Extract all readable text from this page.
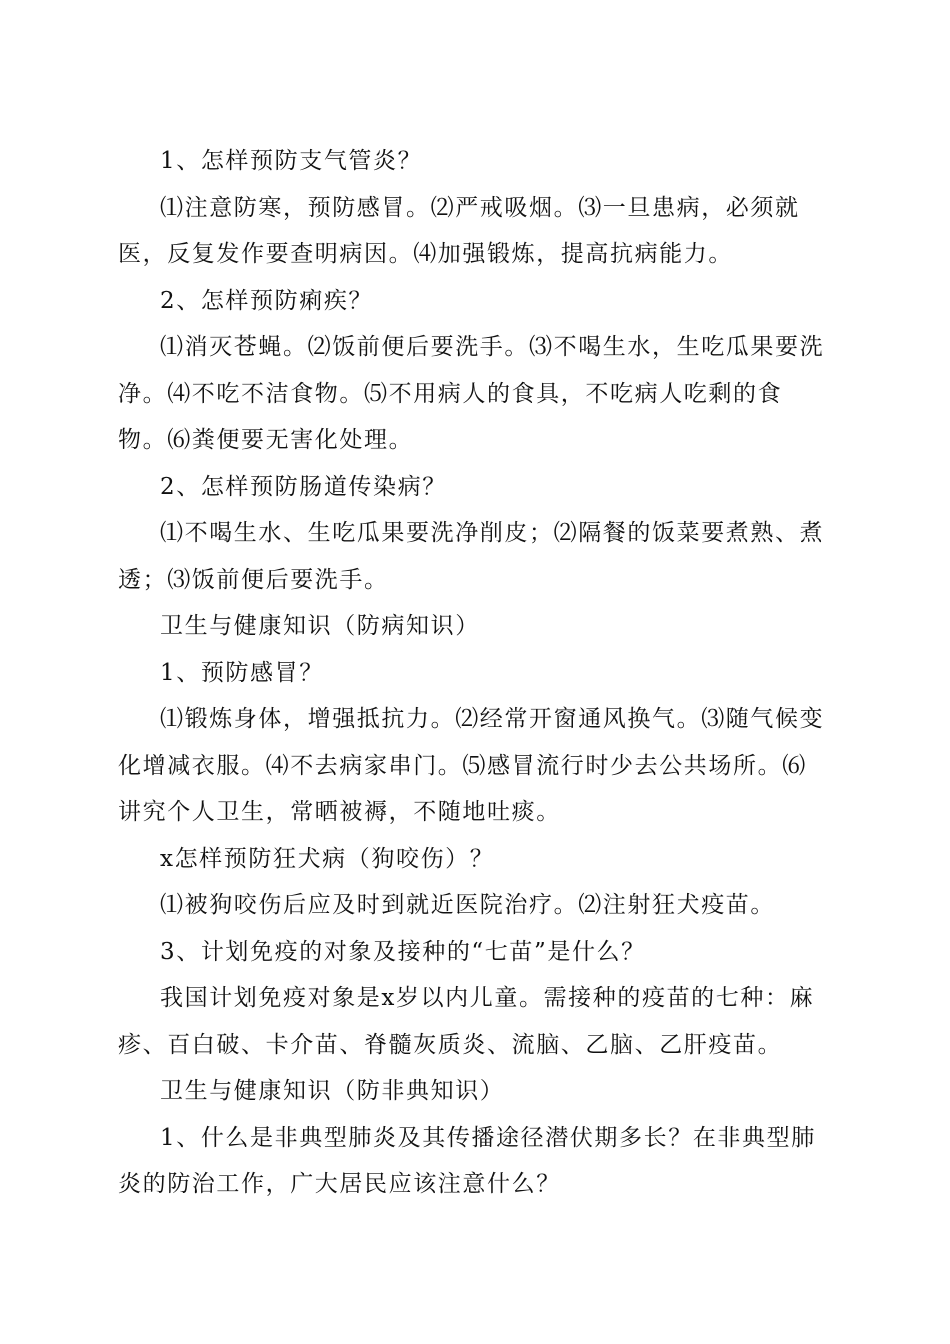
1、怎样预防支气管炎？

⑴注意防寒，预防感冒。⑵严戒吸烟。⑶一旦患病，必须就医，反复发作要查明病因。⑷加强锻炼，提高抗病能力。

2、怎样预防痢疾？

⑴消灭苍蝇。⑵饭前便后要洗手。⑶不喝生水，生吃瓜果要洗净。⑷不吃不洁食物。⑸不用病人的食具，不吃病人吃剩的食物。⑹粪便要无害化处理。

2、怎样预防肠道传染病？

⑴不喝生水、生吃瓜果要洗净削皮；⑵隔餐的饭菜要煮熟、煮透；⑶饭前便后要洗手。

卫生与健康知识（防病知识）

1、预防感冒？

⑴锻炼身体，增强抵抗力。⑵经常开窗通风换气。⑶随气候变化增减衣服。⑷不去病家串门。⑸感冒流行时少去公共场所。⑹讲究个人卫生，常晒被褥，不随地吐痰。

x怎样预防狂犬病（狗咬伤）？

⑴被狗咬伤后应及时到就近医院治疗。⑵注射狂犬疫苗。

3、计划免疫的对象及接种的“七苗”是什么？

我国计划免疫对象是x岁以内儿童。需接种的疫苗的七种：麻疹、百白破、卡介苗、脊髓灰质炎、流脑、乙脑、乙肝疫苗。

卫生与健康知识（防非典知识）

1、什么是非典型肺炎及其传播途径潜伏期多长？在非典型肺炎的防治工作，广大居民应该注意什么？
